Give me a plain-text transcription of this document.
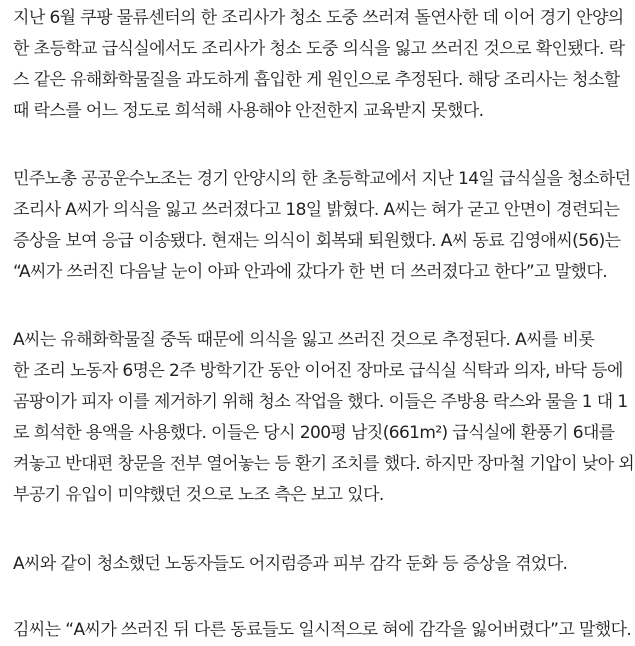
지난 6월 쿠팡 물류센터의 한 조리사가 청소 도중 쓰러져 돌연사한 데 이어 경기 안양의
한 초등학교 급식실에서도 조리사가 청소 도중 의식을 잃고 쓰러진 것으로 확인됐다. 락
스 같은 유해화학물질을 과도하게 흡입한 게 원인으로 추정된다. 해당 조리사는 청소할
때 락스를 어느 정도로 희석해 사용해야 안전한지 교육받지 못했다.
민주노총 공공운수노조는 경기 안양시의 한 초등학교에서 지난 14일 급식실을 청소하던
조리사 A씨가 의식을 잃고 쓰러졌다고 18일 밝혔다. A씨는 혀가 굳고 안면이 경련되는
증상을 보여 응급 이송됐다. 현재는 의식이 회복돼 퇴원했다. A씨 동료 김영애씨(56)는
“A씨가 쓰러진 다음날 눈이 아파 안과에 갔다가 한 번 더 쓰러졌다고 한다”고 말했다.
A씨는 유해화학물질 중독 때문에 의식을 잃고 쓰러진 것으로 추정된다. A씨를 비롯
한 조리 노동자 6명은 2주 방학기간 동안 이어진 장마로 급식실 식탁과 의자, 바닥 등에
곰팡이가 피자 이를 제거하기 위해 청소 작업을 했다. 이들은 주방용 락스와 물을 1 대 1
로 희석한 용액을 사용했다. 이들은 당시 200평 남짓(661m²) 급식실에 환풍기 6대를
켜놓고 반대편 창문을 전부 열어놓는 등 환기 조치를 했다. 하지만 장마철 기압이 낮아 외
부공기 유입이 미약했던 것으로 노조 측은 보고 있다.
A씨와 같이 청소했던 노동자들도 어지럼증과 피부 감각 둔화 등 증상을 겪었다.
김씨는 “A씨가 쓰러진 뒤 다른 동료들도 일시적으로 혀에 감각을 잃어버렸다”고 말했다.
